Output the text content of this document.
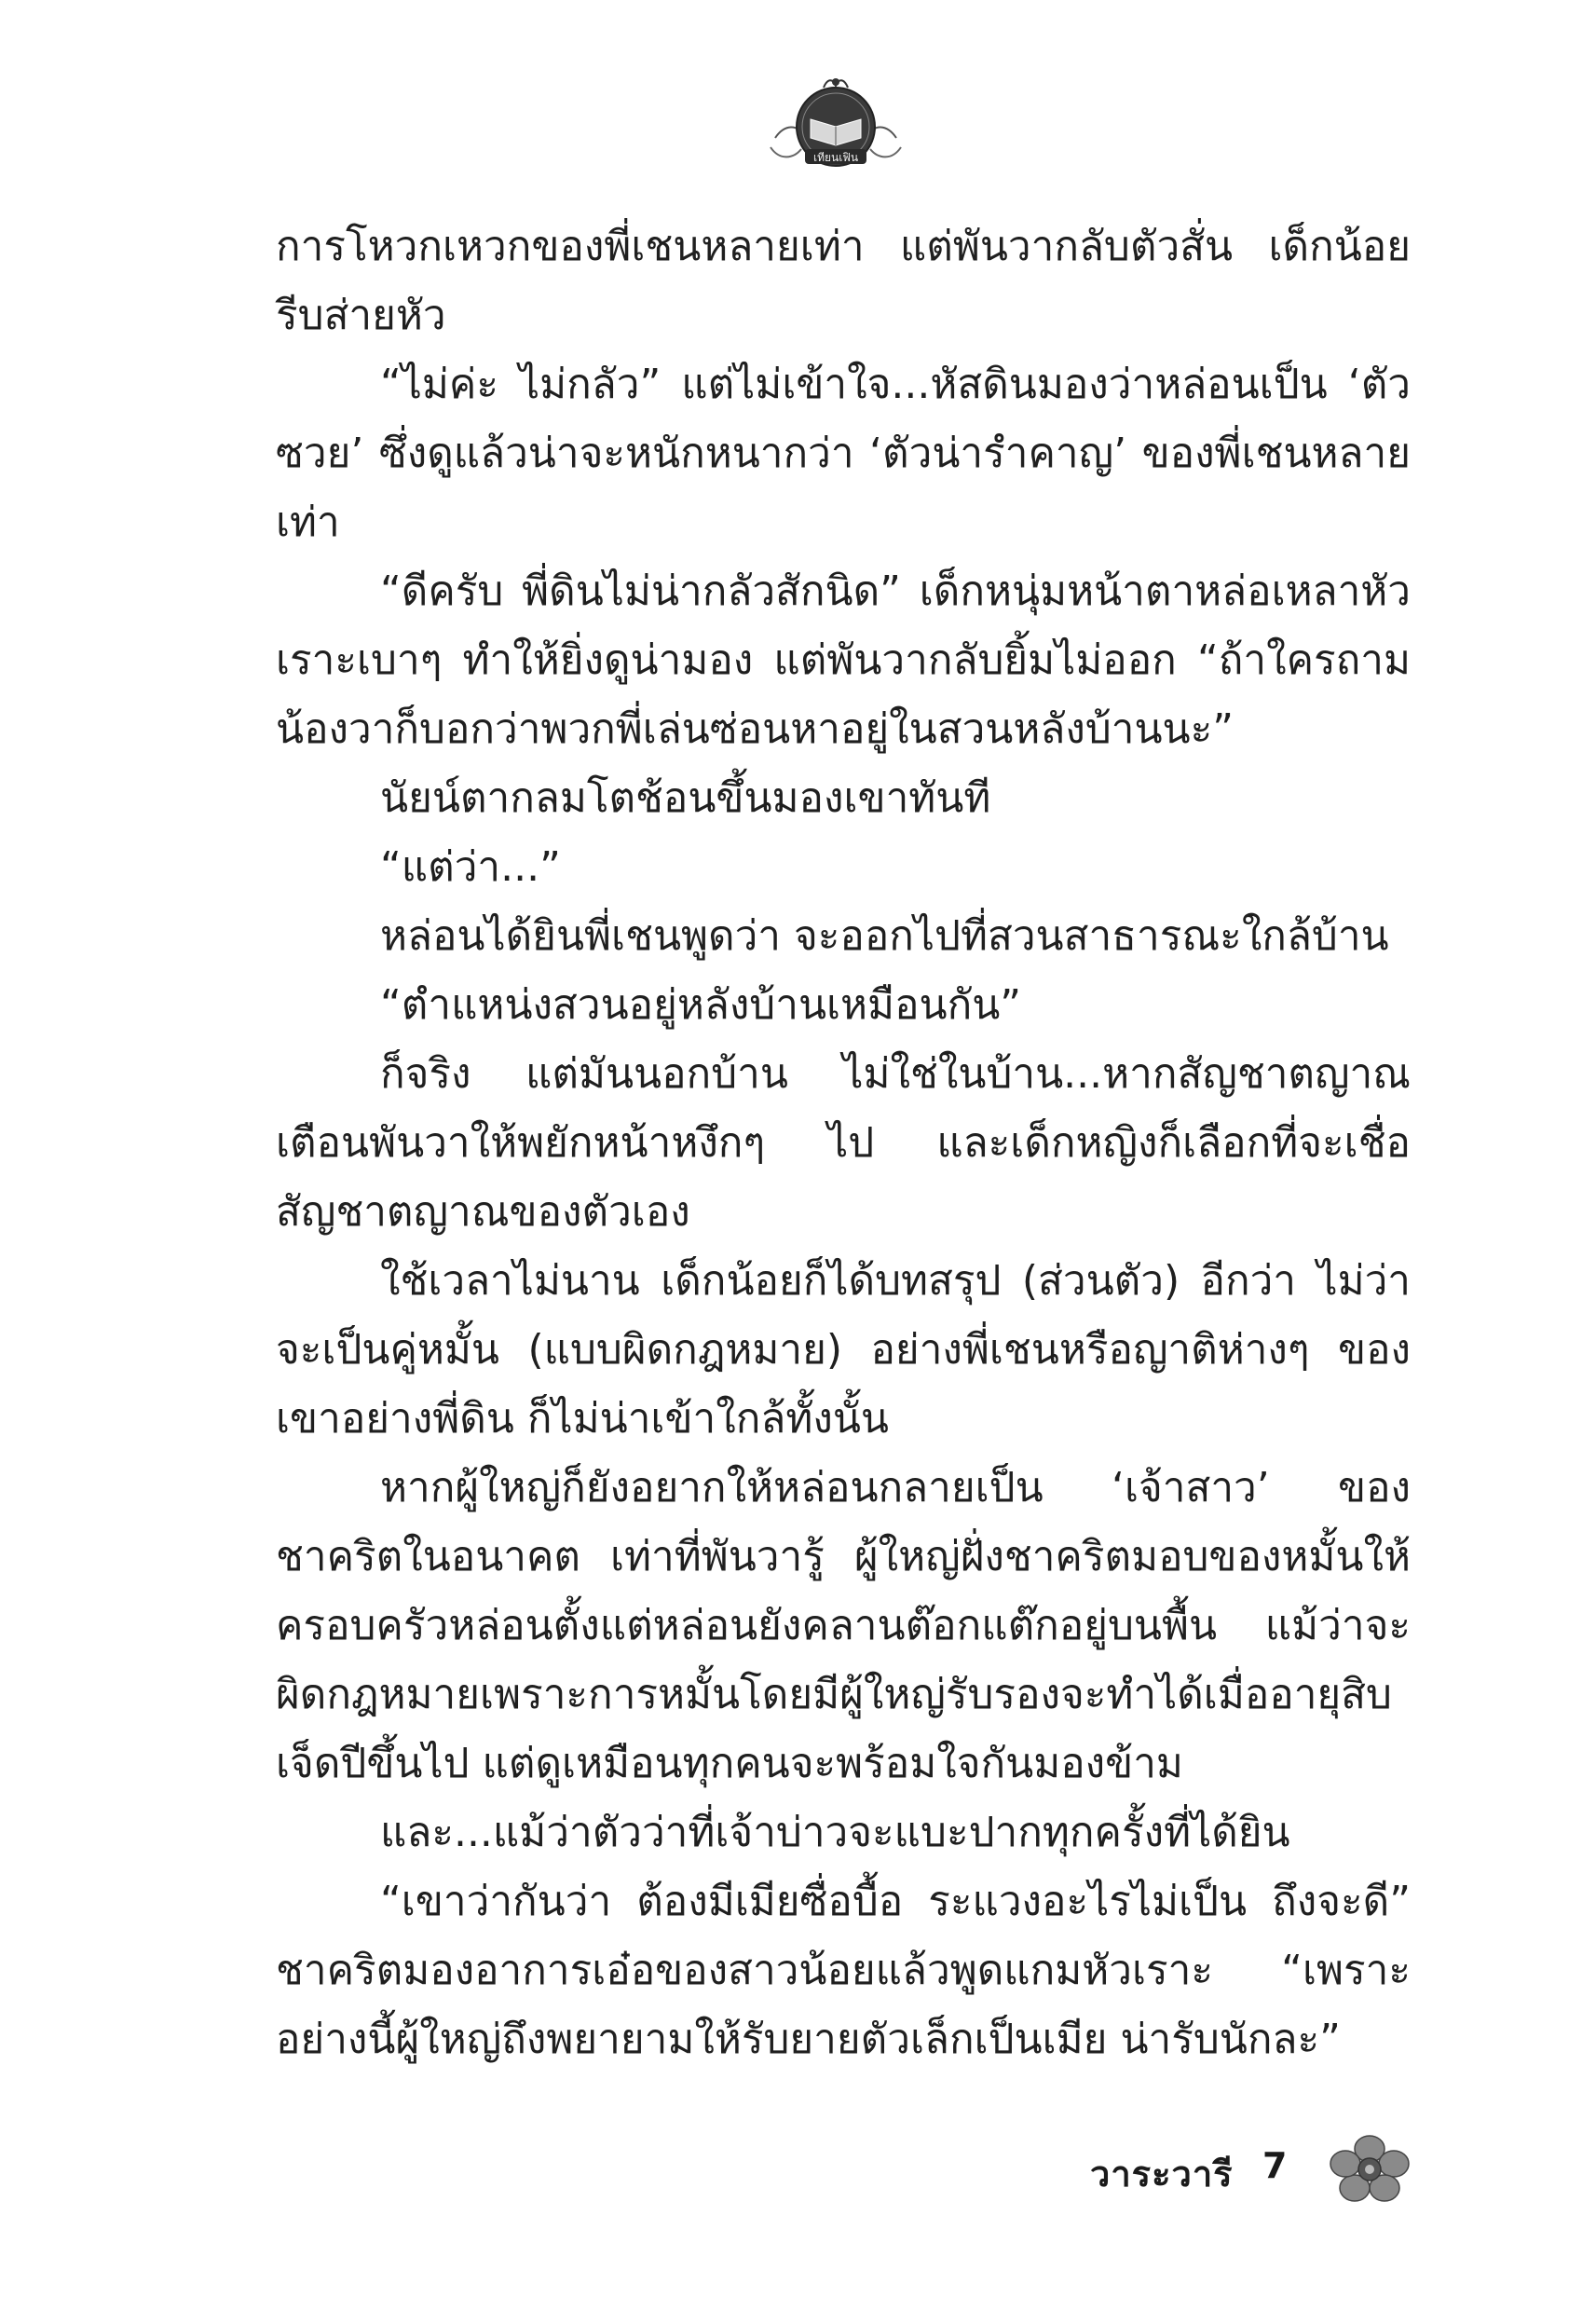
เทียนเฟิน

การโหวกเหวกของพี่เชนหลายเท่า แต่พันวากลับตัวสั่น เด็กน้อยรีบส่ายหัว

“ไม่ค่ะ ไม่กลัว” แต่ไม่เข้าใจ...หัสดินมองว่าหล่อนเป็น ‘ตัวซวย’ ซึ่งดูแล้วน่าจะหนักหนากว่า ‘ตัวน่ารำคาญ’ ของพี่เชนหลายเท่า

“ดีครับ พี่ดินไม่น่ากลัวสักนิด” เด็กหนุ่มหน้าตาหล่อเหลาหัวเราะเบาๆ ทำให้ยิ่งดูน่ามอง แต่พันวากลับยิ้มไม่ออก “ถ้าใครถามน้องวาก็บอกว่าพวกพี่เล่นซ่อนหาอยู่ในสวนหลังบ้านนะ”

นัยน์ตากลมโตช้อนขึ้นมองเขาทันที

“แต่ว่า...”

หล่อนได้ยินพี่เชนพูดว่า จะออกไปที่สวนสาธารณะใกล้บ้าน

“ตำแหน่งสวนอยู่หลังบ้านเหมือนกัน”

ก็จริง แต่มันนอกบ้าน ไม่ใช่ในบ้าน...หากสัญชาตญาณเตือนพันวาให้พยักหน้าหงึกๆ ไป และเด็กหญิงก็เลือกที่จะเชื่อสัญชาตญาณของตัวเอง

ใช้เวลาไม่นาน เด็กน้อยก็ได้บทสรุป (ส่วนตัว) อีกว่า ไม่ว่าจะเป็นคู่หมั้น (แบบผิดกฎหมาย) อย่างพี่เชนหรือญาติห่างๆ ของเขาอย่างพี่ดิน ก็ไม่น่าเข้าใกล้ทั้งนั้น

หากผู้ใหญ่ก็ยังอยากให้หล่อนกลายเป็น ‘เจ้าสาว’ ของชาคริตในอนาคต เท่าที่พันวารู้ ผู้ใหญ่ฝั่งชาคริตมอบของหมั้นให้ครอบครัวหล่อนตั้งแต่หล่อนยังคลานต๊อกแต๊กอยู่บนพื้น แม้ว่าจะผิดกฎหมายเพราะการหมั้นโดยมีผู้ใหญ่รับรองจะทำได้เมื่ออายุสิบเจ็ดปีขึ้นไป แต่ดูเหมือนทุกคนจะพร้อมใจกันมองข้าม

และ...แม้ว่าตัวว่าที่เจ้าบ่าวจะแบะปากทุกครั้งที่ได้ยิน

“เขาว่ากันว่า ต้องมีเมียซื่อบื้อ ระแวงอะไรไม่เป็น ถึงจะดี” ชาคริตมองอาการเอ๋อของสาวน้อยแล้วพูดแกมหัวเราะ “เพราะอย่างนี้ผู้ใหญ่ถึงพยายามให้รับยายตัวเล็กเป็นเมีย น่ารับนักละ”

วาระวารี 7
